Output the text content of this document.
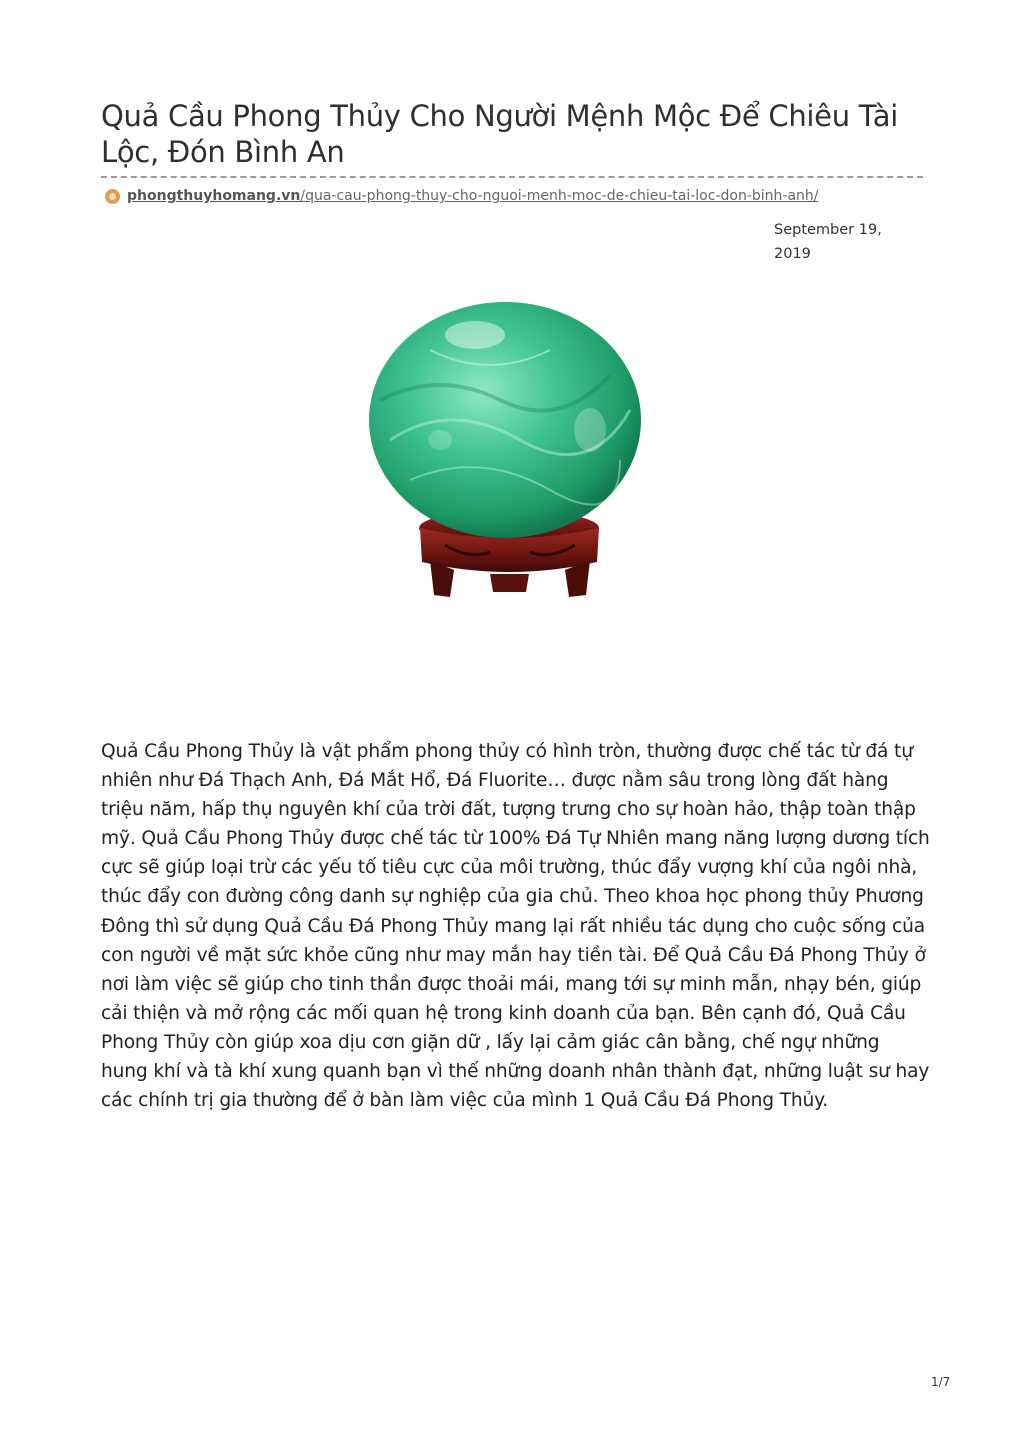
Quả Cầu Phong Thủy Cho Người Mệnh Mộc Để Chiêu Tài Lộc, Đón Bình An
phongthuyhomang.vn /qua-cau-phong-thuy-cho-nguoi-menh-moc-de-chieu-tai-loc-don-binh-anh/
September 19, 2019

Quả Cầu Phong Thủy là vật phẩm phong thủy có hình tròn, thường được chế tác từ đá tự nhiên như Đá Thạch Anh, Đá Mắt Hổ, Đá Fluorite… được nằm sâu trong lòng đất hàng triệu năm, hấp thụ nguyên khí của trời đất, tượng trưng cho sự hoàn hảo, thập toàn thập mỹ. Quả Cầu Phong Thủy được chế tác từ 100% Đá Tự Nhiên mang năng lượng dương tích cực sẽ giúp loại trừ các yếu tố tiêu cực của môi trường, thúc đẩy vượng khí của ngôi nhà, thúc đẩy con đường công danh sự nghiệp của gia chủ. Theo khoa học phong thủy Phương Đông thì sử dụng Quả Cầu Đá Phong Thủy mang lại rất nhiều tác dụng cho cuộc sống của con người về mặt sức khỏe cũng như may mắn hay tiền tài. Để Quả Cầu Đá Phong Thủy ở nơi làm việc sẽ giúp cho tinh thần được thoải mái, mang tới sự minh mẫn, nhạy bén, giúp cải thiện và mở rộng các mối quan hệ trong kinh doanh của bạn. Bên cạnh đó, Quả Cầu Phong Thủy còn giúp xoa dịu cơn giặn dữ , lấy lại cảm giác cân bằng, chế ngự những hung khí và tà khí xung quanh bạn vì thế những doanh nhân thành đạt, những luật sư hay các chính trị gia thường để ở bàn làm việc của mình 1 Quả Cầu Đá Phong Thủy.

1/7
